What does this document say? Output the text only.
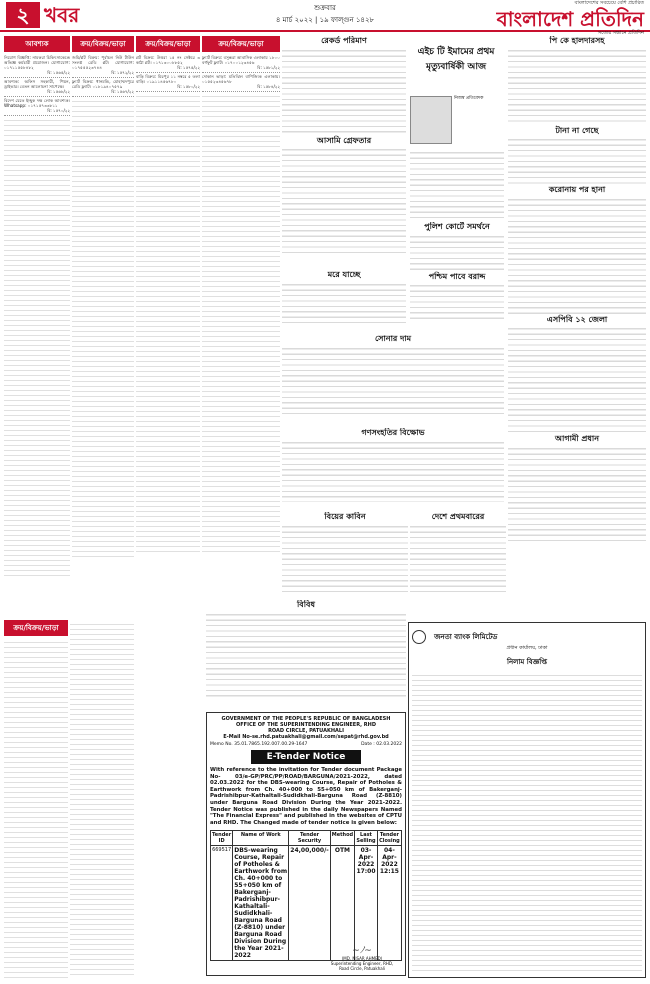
২ খবর	শুক্রবার
৪ মার্চ ২০২২ | ১৯ ফাল্গুন ১৪২৮
বাংলাদেশের সবচেয়ে বেশি প্রচারিত
বাংলাদেশ প্রতিদিন
সত্যের সন্ধানে প্রতিদিন
আবশ্যক
নিয়োগ বিজ্ঞপ্তি: নামকরা চিকিৎসাকেন্দ্রে অভিজ্ঞ কর্মচারী প্রয়োজন। যোগাযোগ: ০১৭১১৫৫৮৪৮২
বি: ১৫৬৫/২২
আবশ্যক: অফিস সহকারী, পিয়ন, ড্রাইভার। বেতন আলোচনা সাপেক্ষে।
বি: ১৫৬৮/২২
বিদেশ যেতে ইচ্ছুক দক্ষ লোক আবশ্যক। Whatsapp: ০১৭১৫৭৩৩৮১১
বি: ১৫৭০/২২
ক্রয়/বিক্রয়/ভাড়া
জমি/প্লট বিক্রয়: পূর্বাচল নিউ টাউন সংলগ্ন রেডি প্লট। যোগাযোগ: ০১৭৫৫৫২৩৭৪৪
বি: ১৫৭২/২২
ফ্ল্যাট বিক্রয়: ধানমন্ডি, মোহাম্মদপুরে রেডি ফ্ল্যাট। ০১৮১৯৪০৭৫৭৯
বি: ১৫৬৭/২২
ক্রয়/বিক্রয়/ভাড়া
প্লট বিক্রয়: উত্তরা ১৫ নং সেক্টরে ৩ কাঠা প্লট। ০১৭১৩০০৮৮৫২
বি: ১৫৭৫/২২
বাড়ি বিক্রয়: মিরপুর ১১ নম্বরে ৫ তলা বাড়ি। ০১৯১১৪৫৬৭৮০
বি: ১৫৮০/২২
ক্রয়/বিক্রয়/ভাড়া
ফ্ল্যাট বিক্রয়: বসুন্ধরা আবাসিক এলাকায় ১৮০০ বর্গফুট ফ্ল্যাট। ০১৭০০১২৩৪৫৬
বি: ১৫৮১/২২
দোকান ভাড়া: মতিঝিল বাণিজ্যিক এলাকায়। ০১৫৫২৩৪৫৬৭৮
বি: ১৫৮৪/২২
ক্রয়/বিক্রয়/ভাড়া
রেকর্ড পরিমাণ
আসামি গ্রেফতার
বিবিধ
মরে যাচ্ছে
সোনার দাম
গণসংহতির বিক্ষোভ
বিয়ের কাবিন
এইচ টি ইমামের প্রথম মৃত্যুবার্ষিকী আজ
নিজস্ব প্রতিবেদক
পুলিশ কোর্টে সমর্থনে
পশ্চিম পাবে বরাদ্দ
দেশে প্রথমবারের
পি কে হালদারসহ
টানা না গেছে
করোনায় পর হানা
এসপিবি ১২ জেলা
আগামী প্রধান
GOVERNMENT OF THE PEOPLE'S REPUBLIC OF BANGLADESH
OFFICE OF THE SUPERINTENDING ENGINEER, RHD
ROAD CIRCLE, PATUAKHALI
E-Mail No-se.rhd.patuakhali@gmail.com/sepat@rhd.gov.bd
Memo No. 35.01.7865.192.007.00.29-1647	Date : 02.03.2022
E-Tender Notice

With reference to the invitation for Tender document Package No- 03/e-GP/PRC/PP/ROAD/BARGUNA/2021-2022, dated 02.03.2022 for the DBS-wearing Course, Repair of Potholes & Earthwork from Ch. 40+000 to 55+050 km of Bakerganj-Padrishibpur-Kathaltali-Sudidkhali-Barguna Road (Z-8810) under Barguna Road Division During the Year 2021-2022. Tender Notice was published in the daily Newspapers Named "The Financial Express" and published in the websites of CPTU and RHD. The Changed made of tender notice is given below:

Tender ID	Name of Work	Tender Security	Method	Last Selling	Tender Closing
669517	DBS-wearing Course, Repair of Potholes & Earthwork from Ch. 40+000 to 55+050 km of Bakerganj-Padrishibpur-Kathaltali-Sudidkhali-Barguna Road (Z-8810) under Barguna Road Division During the Year 2021-2022	24,00,000/-	OTM	03-Apr-2022 17:00	04-Apr-2022 12:15
~ﾉ~
(MD. NISAR AHMED)
Superintending Engineer, RHD, Road Circle, Patuakhali
জনতা ব্যাংক লিমিটেড
প্রধান কার্যালয়, ঢাকা
নিলাম বিজ্ঞপ্তি
